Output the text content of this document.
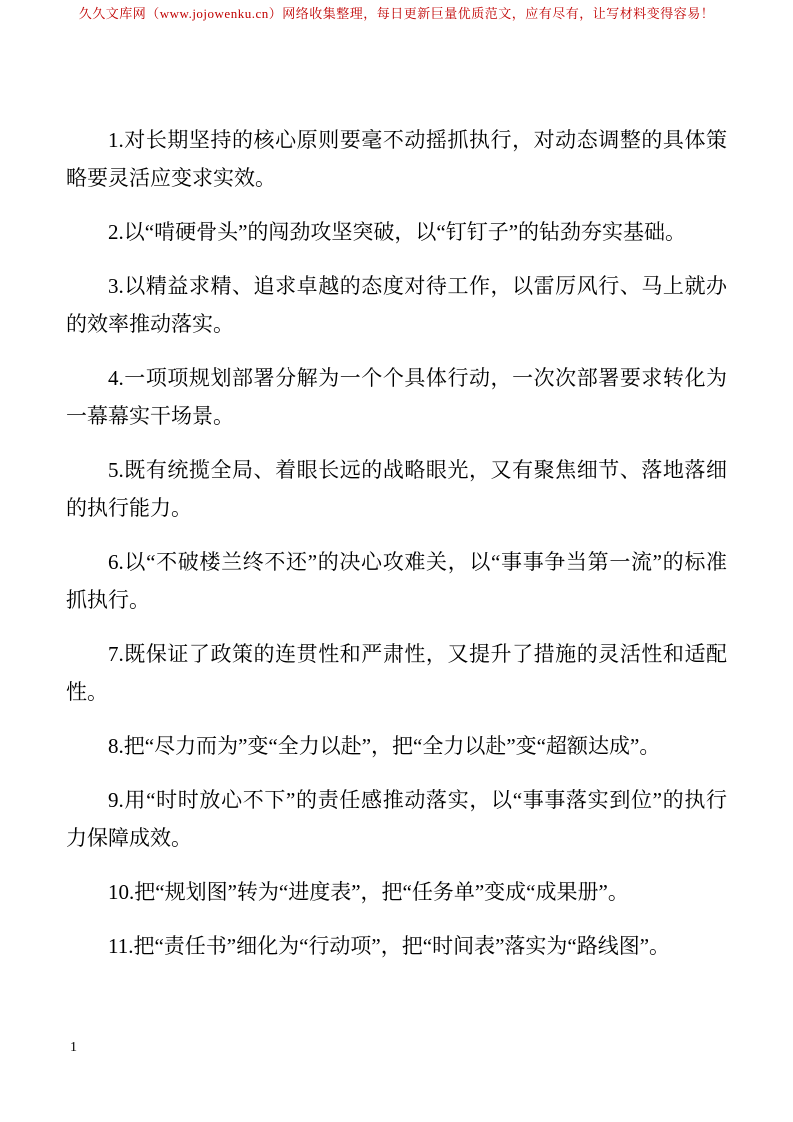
久久文库网（www.jojowenku.cn）网络收集整理，每日更新巨量优质范文，应有尽有，让写材料变得容易！

1.对长期坚持的核心原则要毫不动摇抓执行，对动态调整的具体策略要灵活应变求实效。

2.以“啃硬骨头”的闯劲攻坚突破，以“钉钉子”的钻劲夯实基础。

3.以精益求精、追求卓越的态度对待工作，以雷厉风行、马上就办的效率推动落实。

4.一项项规划部署分解为一个个具体行动，一次次部署要求转化为一幕幕实干场景。

5.既有统揽全局、着眼长远的战略眼光，又有聚焦细节、落地落细的执行能力。

6.以“不破楼兰终不还”的决心攻难关，以“事事争当第一流”的标准抓执行。

7.既保证了政策的连贯性和严肃性，又提升了措施的灵活性和适配性。

8.把“尽力而为”变“全力以赴”，把“全力以赴”变“超额达成”。

9.用“时时放心不下”的责任感推动落实，以“事事落实到位”的执行力保障成效。

10.把“规划图”转为“进度表”，把“任务单”变成“成果册”。

11.把“责任书”细化为“行动项”，把“时间表”落实为“路线图”。

1
